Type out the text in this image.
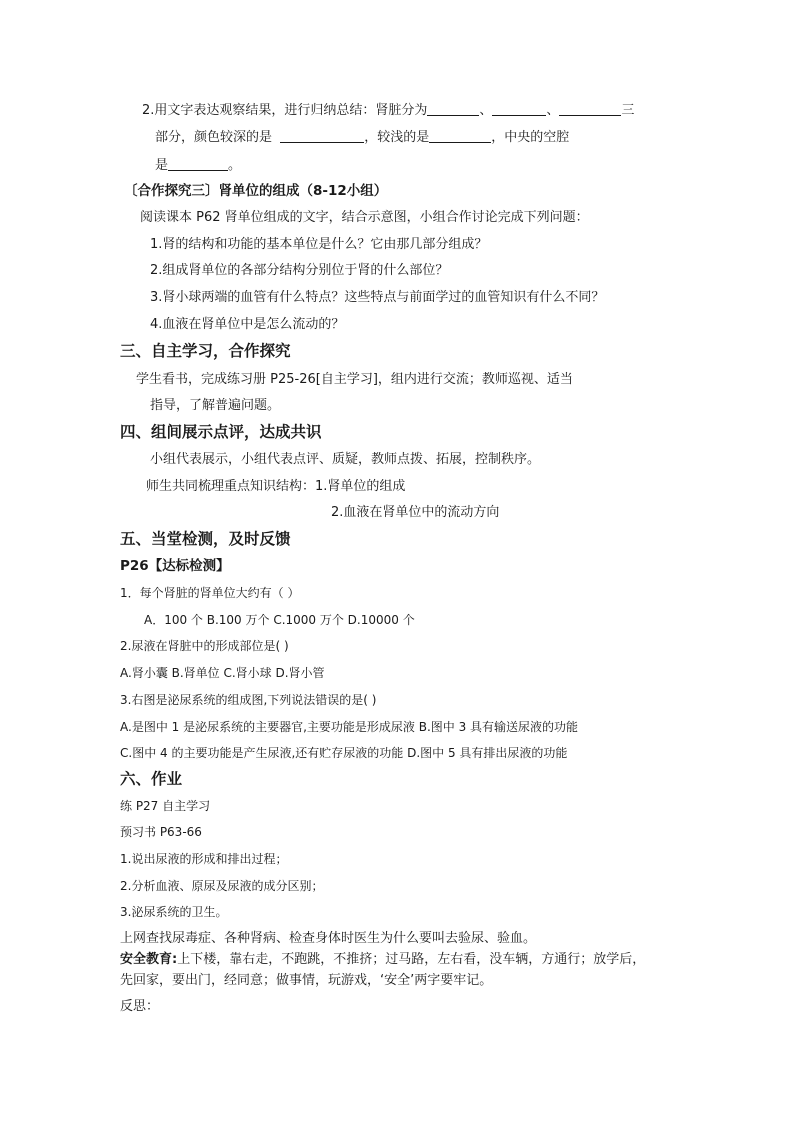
2.用文字表达观察结果，进行归纳总结：肾脏分为	、	、	三
部分，颜色较深的是	，较浅的是	，中央的空腔
是	。
〔合作探究三〕肾单位的组成（8-12小组）
阅读课本 P62 肾单位组成的文字，结合示意图，小组合作讨论完成下列问题：
1.肾的结构和功能的基本单位是什么？它由那几部分组成？
2.组成肾单位的各部分结构分别位于肾的什么部位？
3.肾小球两端的血管有什么特点？这些特点与前面学过的血管知识有什么不同？
4.血液在肾单位中是怎么流动的？
三、自主学习，合作探究
学生看书，完成练习册 P25-26[自主学习]，组内进行交流；教师巡视、适当
指导，了解普遍问题。
四、组间展示点评，达成共识
小组代表展示，小组代表点评、质疑，教师点拨、拓展，控制秩序。
师生共同梳理重点知识结构：1.肾单位的组成
2.血液在肾单位中的流动方向
五、当堂检测，及时反馈
P26【达标检测】
1．每个肾脏的肾单位大约有（ ）
A．100 个 B.100 万个 C.1000 万个 D.10000 个
2.尿液在肾脏中的形成部位是( )
A.肾小囊 B.肾单位 C.肾小球 D.肾小管
3.右图是泌尿系统的组成图,下列说法错误的是( )
A.是图中 1 是泌尿系统的主要器官,主要功能是形成尿液 B.图中 3 具有输送尿液的功能
C.图中 4 的主要功能是产生尿液,还有贮存尿液的功能 D.图中 5 具有排出尿液的功能
六、作业
练 P27 自主学习
预习书 P63-66
1.说出尿液的形成和排出过程；
2.分析血液、原尿及尿液的成分区别；
3.泌尿系统的卫生。
上网查找尿毒症、各种肾病、检查身体时医生为什么要叫去验尿、验血。
安全教育:上下楼，靠右走，不跑跳，不推挤；过马路，左右看，没车辆，方通行；放学后，
先回家，要出门，经同意；做事情，玩游戏，‘安全’两字要牢记。
反思：
